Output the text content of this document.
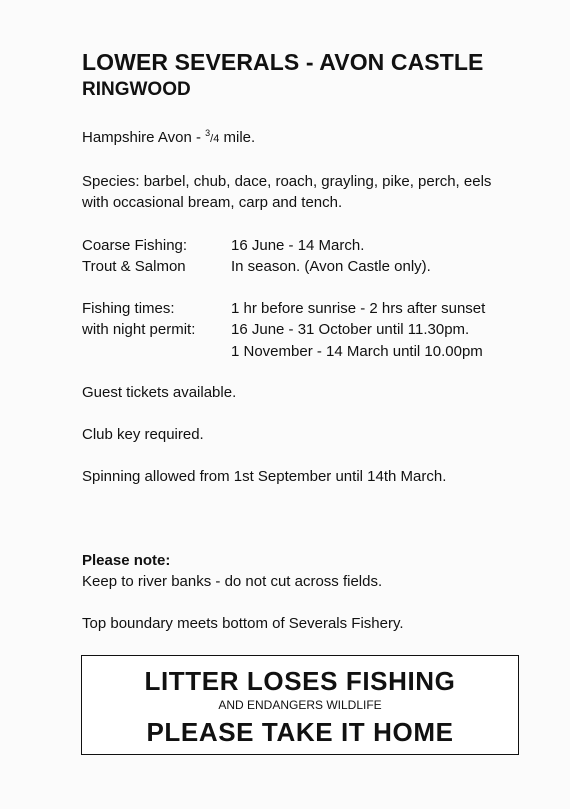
LOWER SEVERALS - AVON CASTLE
RINGWOOD

Hampshire Avon - $^3$/4 mile.

Species: barbel, chub, dace, roach, grayling, pike, perch, eels with occasional bream, carp and tench.

Coarse Fishing:	16 June - 14 March.
Trout & Salmon	In season. (Avon Castle only).
Fishing times:	1 hr before sunrise - 2 hrs after sunset
with night permit:	16 June - 31 October until 11.30pm.
1 November - 14 March until 10.00pm

Guest tickets available.

Club key required.

Spinning allowed from 1st September until 14th March.

Please note:

Keep to river banks - do not cut across fields.

Top boundary meets bottom of Severals Fishery.

LITTER LOSES FISHING

AND ENDANGERS WILDLIFE

PLEASE TAKE IT HOME
